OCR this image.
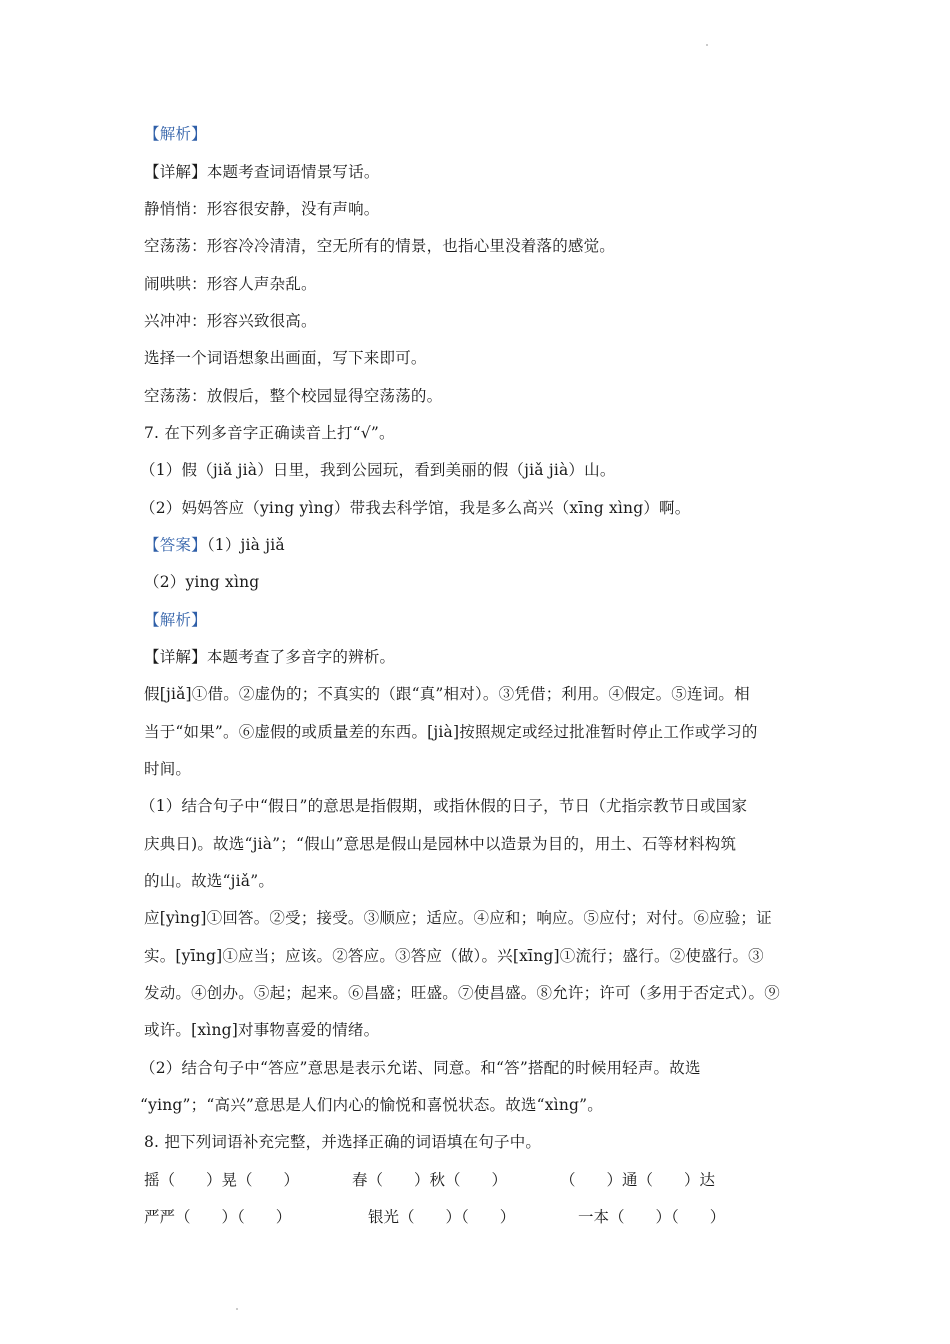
【解析】
【详解】本题考查词语情景写话。
静悄悄：形容很安静，没有声响。
空荡荡：形容冷冷清清，空无所有的情景，也指心里没着落的感觉。
闹哄哄：形容人声杂乱。
兴冲冲：形容兴致很高。
选择一个词语想象出画面，写下来即可。
空荡荡：放假后，整个校园显得空荡荡的。
7. 在下列多音字正确读音上打“√”。
（1）假（jiǎ jià）日里，我到公园玩，看到美丽的假（jiǎ jià）山。
（2）妈妈答应（ying yìng）带我去科学馆，我是多么高兴（xīng xìng）啊。
【答案】（1）jià jiǎ
（2）ying xìng
【解析】
【详解】本题考查了多音字的辨析。
假[jiǎ]①借。②虚伪的；不真实的（跟“真”相对）。③凭借；利用。④假定。⑤连词。相
当于“如果”。⑥虚假的或质量差的东西。[jià]按照规定或经过批准暂时停止工作或学习的
时间。
（1）结合句子中“假日”的意思是指假期，或指休假的日子，节日（尤指宗教节日或国家
庆典日)。故选“jià”；“假山”意思是假山是园林中以造景为目的，用土、石等材料构筑
的山。故选“jiǎ”。
应[yìng]①回答。②受；接受。③顺应；适应。④应和；响应。⑤应付；对付。⑥应验；证
实。[yīng]①应当；应该。②答应。③答应（做）。兴[xīng]①流行；盛行。②使盛行。③
发动。④创办。⑤起；起来。⑥昌盛；旺盛。⑦使昌盛。⑧允许；许可（多用于否定式）。⑨
或许。[xìng]对事物喜爱的情绪。
（2）结合句子中“答应”意思是表示允诺、同意。和“答”搭配的时候用轻声。故选
“ying”；“高兴”意思是人们内心的愉悦和喜悦状态。故选“xìng”。
8. 把下列词语补充完整，并选择正确的词语填在句子中。
摇（　　）晃（　　）	春（　　）秋（　　）	（　　）通（　　）达
严严（　　）（　　）	银光（　　）（　　）	一本（　　）（　　）
